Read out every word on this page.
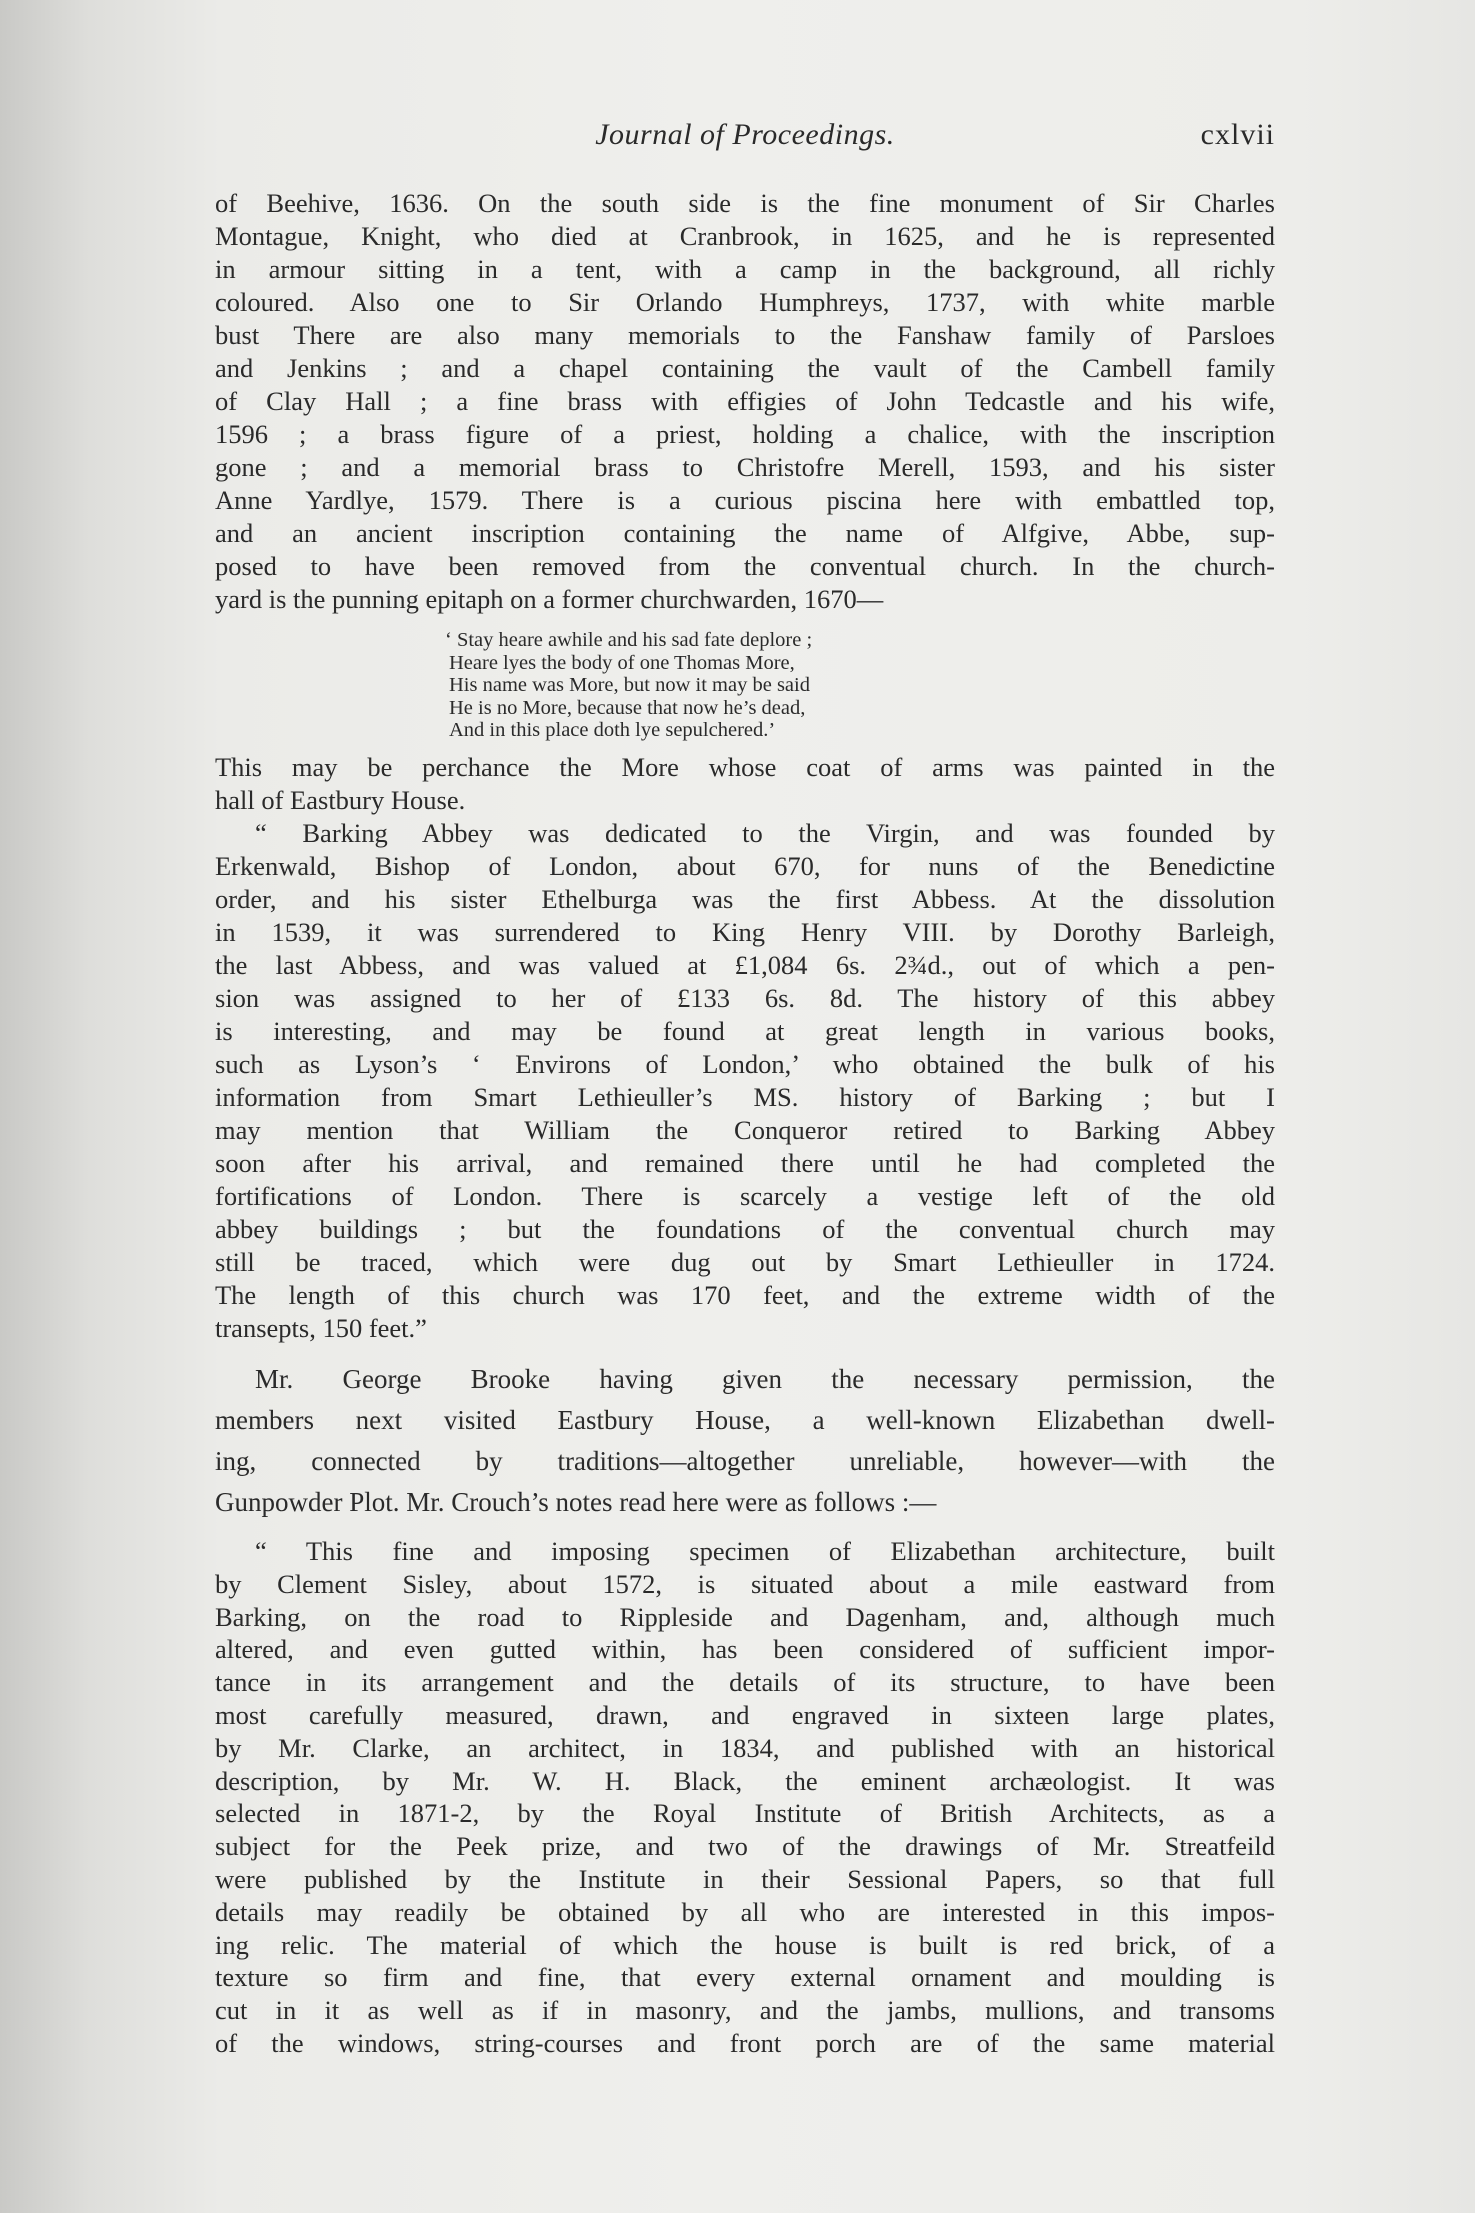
Journal of Proceedings.	cxlvii
of Beehive, 1636. On the south side is the fine monument of Sir Charles
Montague, Knight, who died at Cranbrook, in 1625, and he is represented
in armour sitting in a tent, with a camp in the background, all richly
coloured. Also one to Sir Orlando Humphreys, 1737, with white marble
bust There are also many memorials to the Fanshaw family of Parsloes
and Jenkins ; and a chapel containing the vault of the Cambell family
of Clay Hall ; a fine brass with effigies of John Tedcastle and his wife,
1596 ; a brass figure of a priest, holding a chalice, with the inscription
gone ; and a memorial brass to Christofre Merell, 1593, and his sister
Anne Yardlye, 1579. There is a curious piscina here with embattled top,
and an ancient inscription containing the name of Alfgive, Abbe, sup-
posed to have been removed from the conventual church. In the church-
yard is the punning epitaph on a former churchwarden, 1670—
‘ Stay heare awhile and his sad fate deplore ;
Heare lyes the body of one Thomas More,
His name was More, but now it may be said
He is no More, because that now he’s dead,
And in this place doth lye sepulchered.’
This may be perchance the More whose coat of arms was painted in the
hall of Eastbury House.
“ Barking Abbey was dedicated to the Virgin, and was founded by
Erkenwald, Bishop of London, about 670, for nuns of the Benedictine
order, and his sister Ethelburga was the first Abbess. At the dissolution
in 1539, it was surrendered to King Henry VIII. by Dorothy Barleigh,
the last Abbess, and was valued at £1,084 6s. 2¾d., out of which a pen-
sion was assigned to her of £133 6s. 8d. The history of this abbey
is interesting, and may be found at great length in various books,
such as Lyson’s ‘ Environs of London,’ who obtained the bulk of his
information from Smart Lethieuller’s MS. history of Barking ; but I
may mention that William the Conqueror retired to Barking Abbey
soon after his arrival, and remained there until he had completed the
fortifications of London. There is scarcely a vestige left of the old
abbey buildings ; but the foundations of the conventual church may
still be traced, which were dug out by Smart Lethieuller in 1724.
The length of this church was 170 feet, and the extreme width of the
transepts, 150 feet.”
Mr. George Brooke having given the necessary permission, the
members next visited Eastbury House, a well-known Elizabethan dwell-
ing, connected by traditions—altogether unreliable, however—with the
Gunpowder Plot. Mr. Crouch’s notes read here were as follows :—
“ This fine and imposing specimen of Elizabethan architecture, built
by Clement Sisley, about 1572, is situated about a mile eastward from
Barking, on the road to Rippleside and Dagenham, and, although much
altered, and even gutted within, has been considered of sufficient impor-
tance in its arrangement and the details of its structure, to have been
most carefully measured, drawn, and engraved in sixteen large plates,
by Mr. Clarke, an architect, in 1834, and published with an historical
description, by Mr. W. H. Black, the eminent archæologist. It was
selected in 1871-2, by the Royal Institute of British Architects, as a
subject for the Peek prize, and two of the drawings of Mr. Streatfeild
were published by the Institute in their Sessional Papers, so that full
details may readily be obtained by all who are interested in this impos-
ing relic. The material of which the house is built is red brick, of a
texture so firm and fine, that every external ornament and moulding is
cut in it as well as if in masonry, and the jambs, mullions, and transoms
of the windows, string-courses and front porch are of the same material
